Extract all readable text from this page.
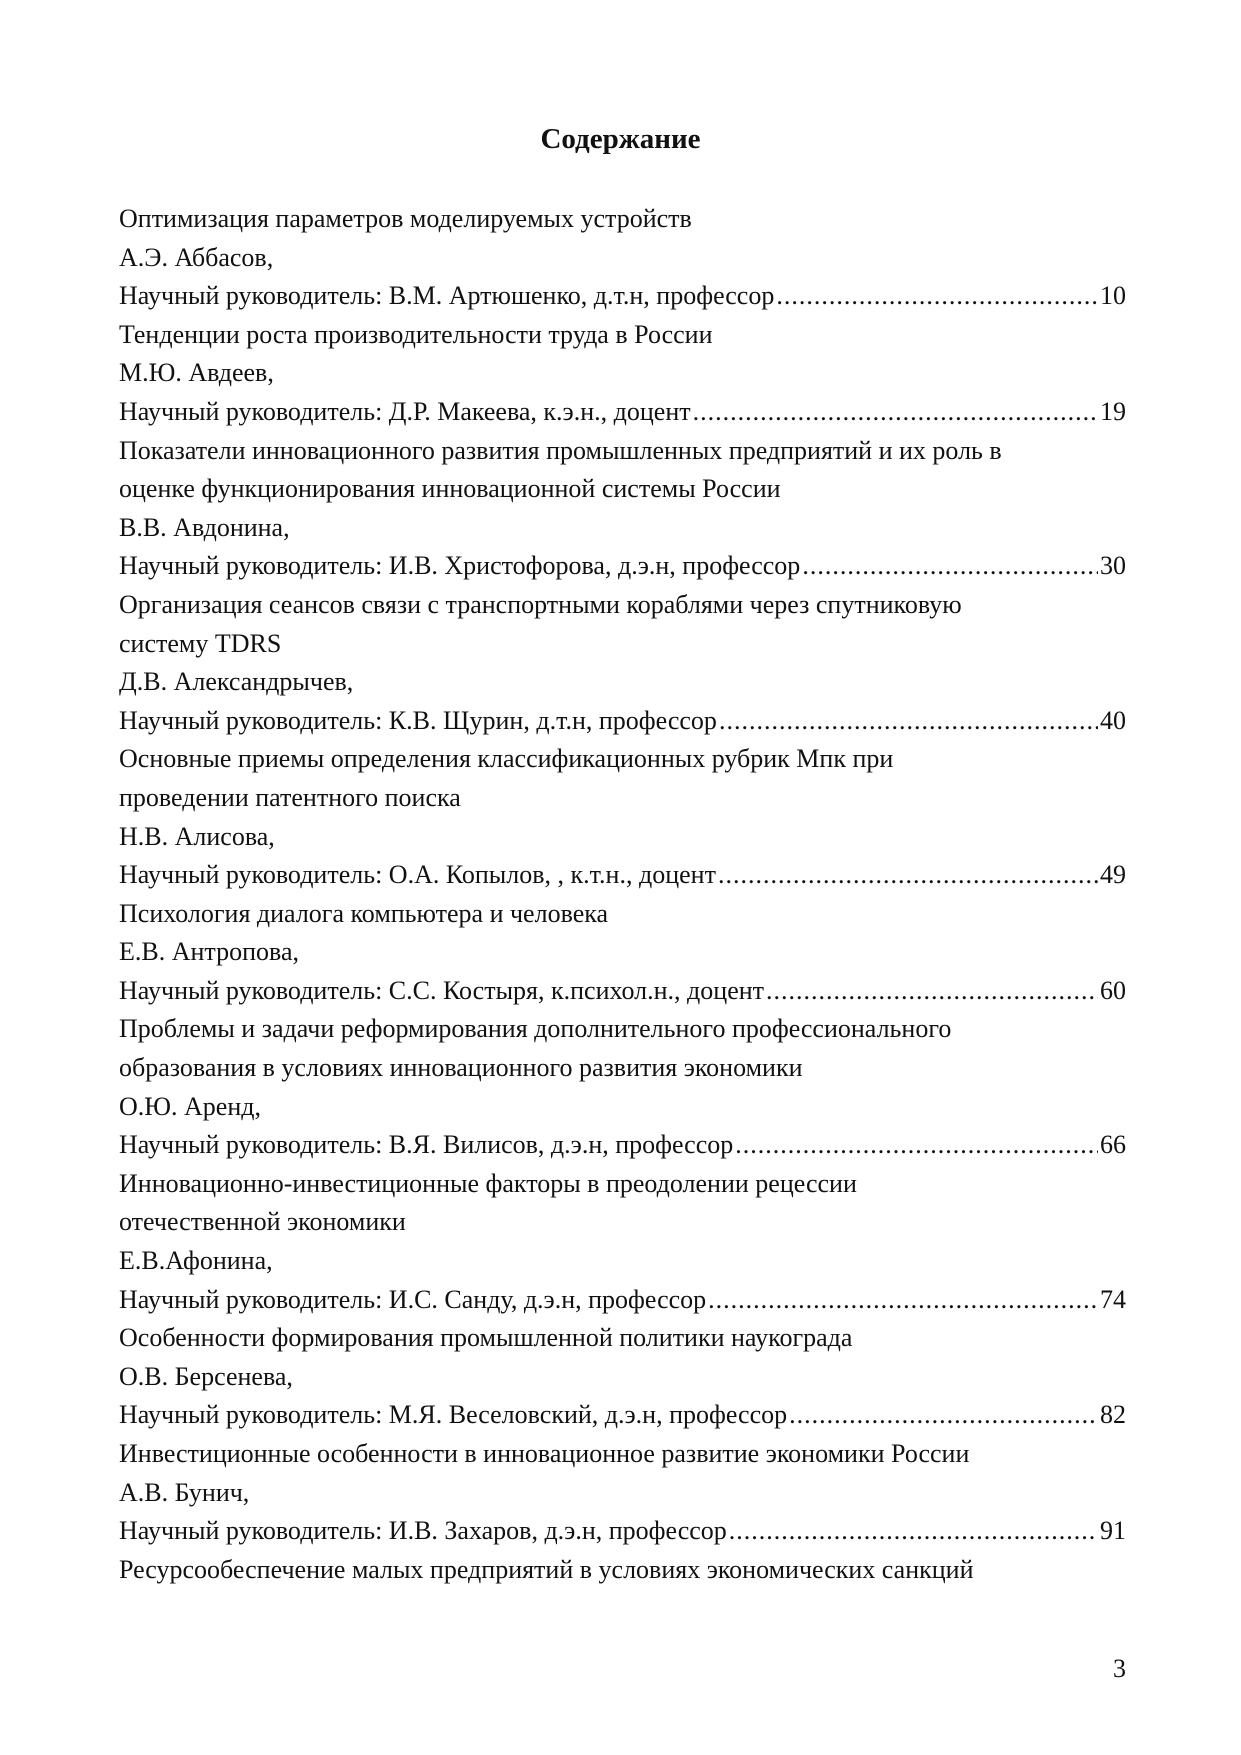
Содержание
Оптимизация параметров моделируемых устройств
А.Э. Аббасов,
Научный руководитель: В.М. Артюшенко, д.т.н, профессор .....	10
Тенденции роста производительности труда в России
М.Ю. Авдеев,
Научный руководитель: Д.Р. Макеева, к.э.н., доцент .....	19
Показатели инновационного развития промышленных предприятий и их роль в
оценке функционирования инновационной системы России
В.В. Авдонина,
Научный руководитель: И.В. Христофорова, д.э.н, профессор .....	30
Организация сеансов связи с транспортными кораблями через спутниковую
систему TDRS
Д.В. Александрычев,
Научный руководитель: К.В. Щурин, д.т.н, профессор .....	40
Основные приемы определения классификационных рубрик Мпк при
проведении патентного поиска
Н.В. Алисова,
Научный руководитель: О.А. Копылов, , к.т.н., доцент .....	49
Психология диалога компьютера и человека
Е.В. Антропова,
Научный руководитель: С.С. Костыря, к.психол.н., доцент .....	60
Проблемы и задачи реформирования дополнительного профессионального
образования в условиях инновационного развития экономики
О.Ю. Аренд,
Научный руководитель: В.Я. Вилисов, д.э.н, профессор .....	66
Инновационно-инвестиционные факторы в преодолении рецессии
отечественной экономики
Е.В.Афонина,
Научный руководитель: И.С. Санду, д.э.н, профессор .....	74
Особенности формирования промышленной политики наукограда
О.В. Берсенева,
Научный руководитель: М.Я. Веселовский, д.э.н, профессор .....	82
Инвестиционные особенности в инновационное развитие экономики России
А.В. Бунич,
Научный руководитель: И.В. Захаров, д.э.н, профессор .....	91
Ресурсообеспечение малых предприятий в условиях экономических санкций
3
